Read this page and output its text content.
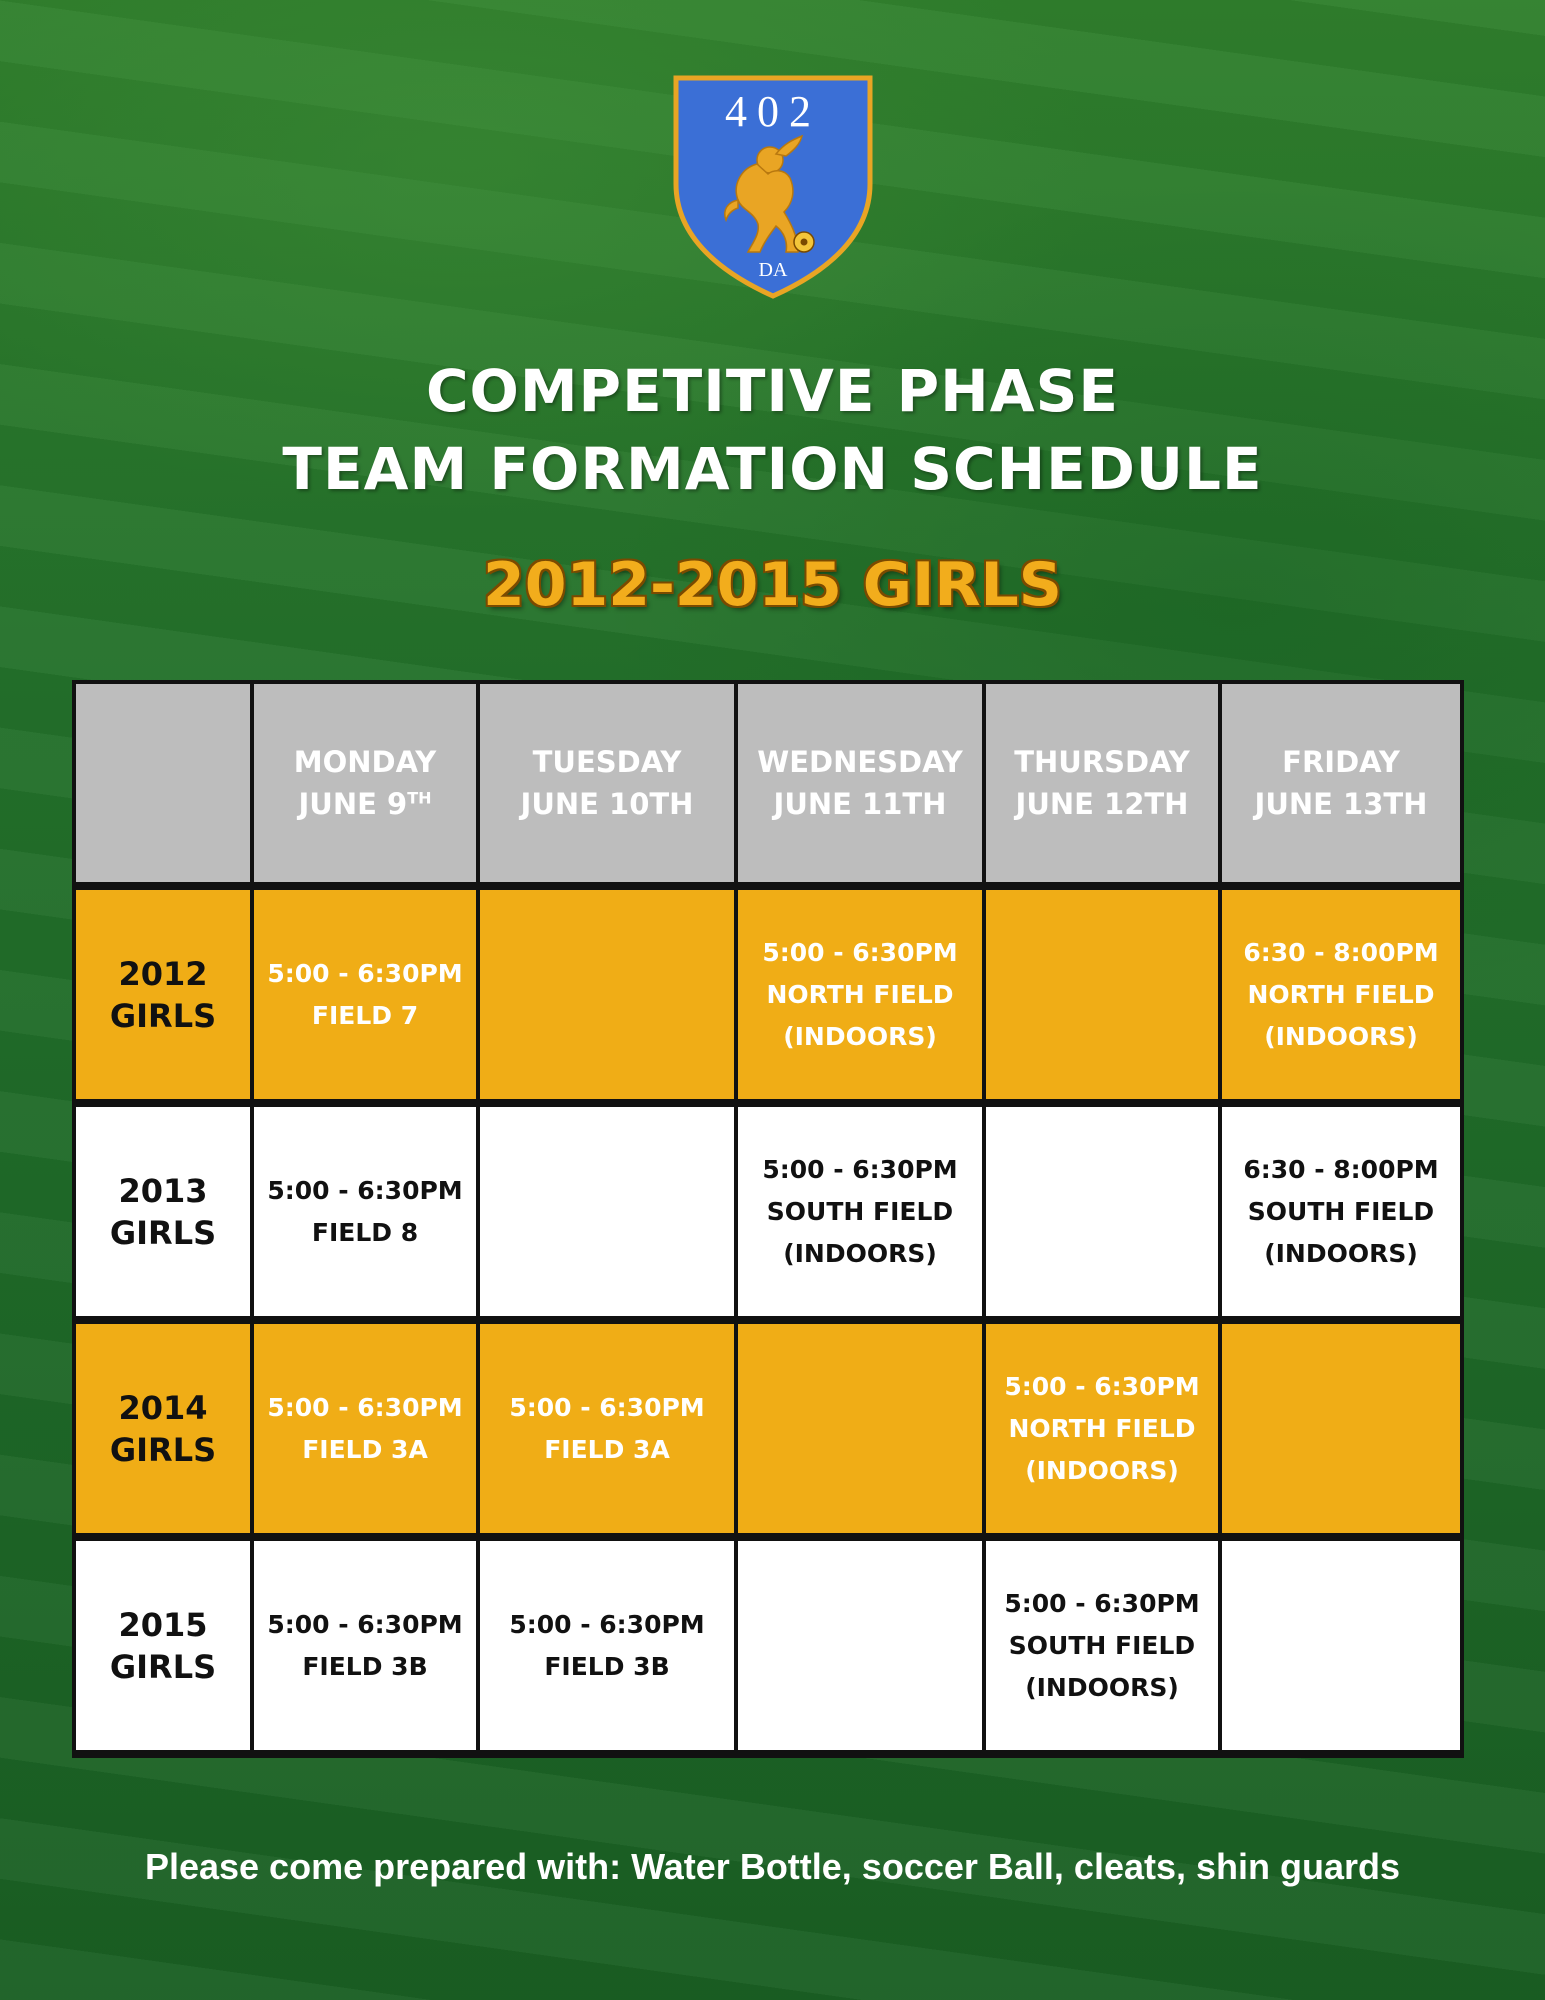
402
DA
COMPETITIVE PHASE
TEAM FORMATION SCHEDULE
2012-2015 GIRLS

	MONDAY
JUNE 9TH	TUESDAY
JUNE 10TH	WEDNESDAY
JUNE 11TH	THURSDAY
JUNE 12TH	FRIDAY
JUNE 13TH

2012
GIRLS	5:00 - 6:30PM
FIELD 7		5:00 - 6:30PM
NORTH FIELD
(INDOORS)		6:30 - 8:00PM
NORTH FIELD
(INDOORS)

2013
GIRLS	5:00 - 6:30PM
FIELD 8		5:00 - 6:30PM
SOUTH FIELD
(INDOORS)		6:30 - 8:00PM
SOUTH FIELD
(INDOORS)

2014
GIRLS	5:00 - 6:30PM
FIELD 3A	5:00 - 6:30PM
FIELD 3A		5:00 - 6:30PM
NORTH FIELD
(INDOORS)	

2015
GIRLS	5:00 - 6:30PM
FIELD 3B	5:00 - 6:30PM
FIELD 3B		5:00 - 6:30PM
SOUTH FIELD
(INDOORS)	

Please come prepared with: Water Bottle, soccer Ball, cleats, shin guards
